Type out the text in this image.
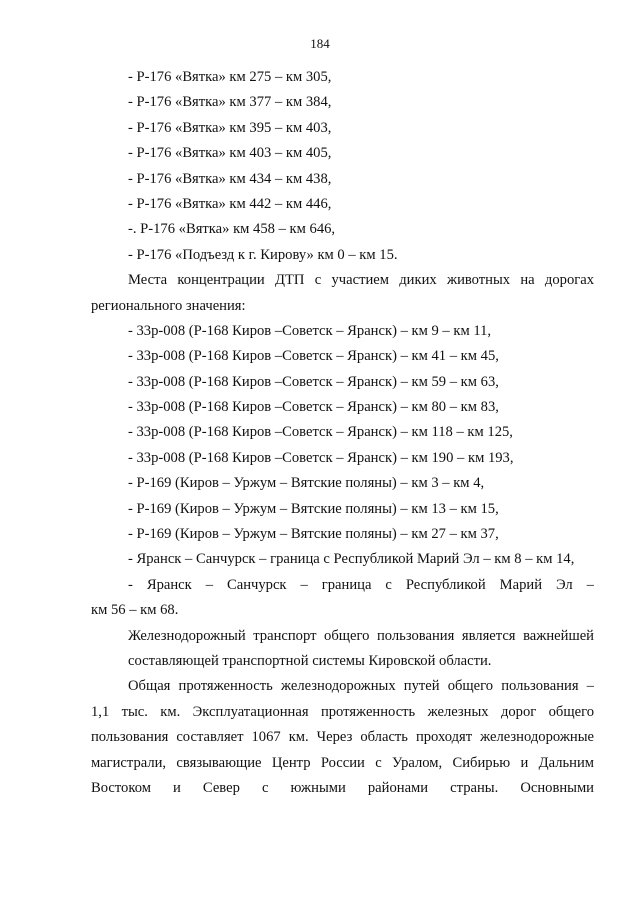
184
- Р-176 «Вятка» км 275 – км 305,
- Р-176 «Вятка» км 377 – км 384,
- Р-176 «Вятка» км 395 – км 403,
- Р-176 «Вятка» км 403 – км 405,
- Р-176 «Вятка» км 434 – км 438,
- Р-176 «Вятка» км 442 – км 446,
-. Р-176 «Вятка» км 458 – км 646,
- Р-176 «Подъезд к г. Кирову» км 0 – км 15.
Места концентрации ДТП с участием диких животных на дорогах
регионального значения:
- 33р-008 (Р-168 Киров –Советск – Яранск) – км 9 – км 11,
- 33р-008 (Р-168 Киров –Советск – Яранск) – км 41 – км 45,
- 33р-008 (Р-168 Киров –Советск – Яранск) – км 59 – км 63,
- 33р-008 (Р-168 Киров –Советск – Яранск) – км 80 – км 83,
- 33р-008 (Р-168 Киров –Советск – Яранск) – км 118 – км 125,
- 33р-008 (Р-168 Киров –Советск – Яранск) – км 190 – км 193,
- Р-169 (Киров – Уржум – Вятские поляны) – км 3 – км 4,
- Р-169 (Киров – Уржум – Вятские поляны) – км 13 – км 15,
- Р-169 (Киров – Уржум – Вятские поляны) – км 27 – км 37,
- Яранск – Санчурск – граница с Республикой Марий Эл – км 8 – км 14,
- Яранск – Санчурск – граница с Республикой Марий Эл –
км 56 – км 68.
Железнодорожный транспорт общего пользования является важнейшей
составляющей транспортной системы Кировской области.
Общая протяженность железнодорожных путей общего пользования –
1,1 тыс. км. Эксплуатационная протяженность железных дорог общего
пользования составляет 1067 км. Через область проходят железнодорожные
магистрали, связывающие Центр России с Уралом, Сибирью и Дальним
Востоком и Север с южными районами страны. Основными
